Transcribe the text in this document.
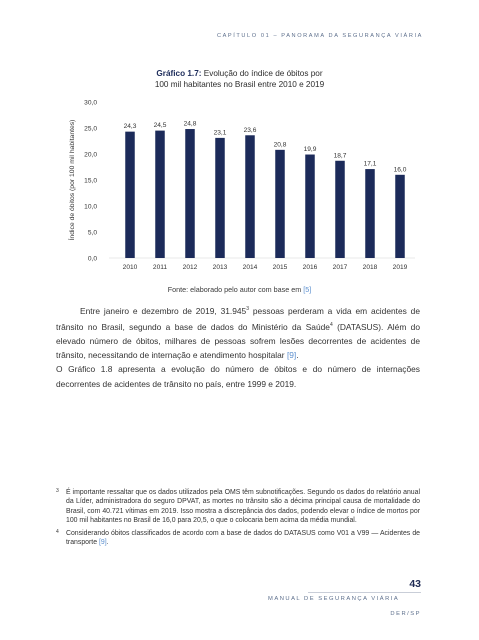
CAPÍTULO 01 – PANORAMA DA SEGURANÇA VIÁRIA
Gráfico 1.7: Evolução do índice de óbitos por
100 mil habitantes no Brasil entre 2010 e 2019
Índice de óbitos (por 100 mil habitantes)
0,0
5,0
10,0
15,0
20,0
25,0
30,0
24,3
2010
24,5
2011
24,8
2012
23,1
2013
23,6
2014
20,8
2015
19,9
2016
18,7
2017
17,1
2018
16,0
2019
Fonte: elaborado pelo autor com base em [5]

Entre janeiro e dezembro de 2019, 31.945$^3$ pessoas perderam a vida em acidentes de trânsito no Brasil, segundo a base de dados do Ministério da Saúde$^4$ (DATASUS). Além do elevado número de óbitos, milhares de pessoas sofrem lesões decorrentes de acidentes de trânsito, necessitando de internação e atendimento hospitalar [9].

O Gráfico 1.8 apresenta a evolução do número de óbitos e do número de internações decorrentes de acidentes de trânsito no país, entre 1999 e 2019.

3 É importante ressaltar que os dados utilizados pela OMS têm subnotificações. Segundo os dados do relatório anual da Líder, administradora do seguro DPVAT, as mortes no trânsito são a décima principal causa de mortalidade do Brasil, com 40.721 vítimas em 2019. Isso mostra a discrepância dos dados, podendo elevar o índice de mortos por 100 mil habitantes no Brasil de 16,0 para 20,5, o que o colocaria bem acima da média mundial.
4 Considerando óbitos classificados de acordo com a base de dados do DATASUS como V01 a V99 — Acidentes de transporte [9].
43
MANUAL DE SEGURANÇA VIÁRIA
DER/SP
